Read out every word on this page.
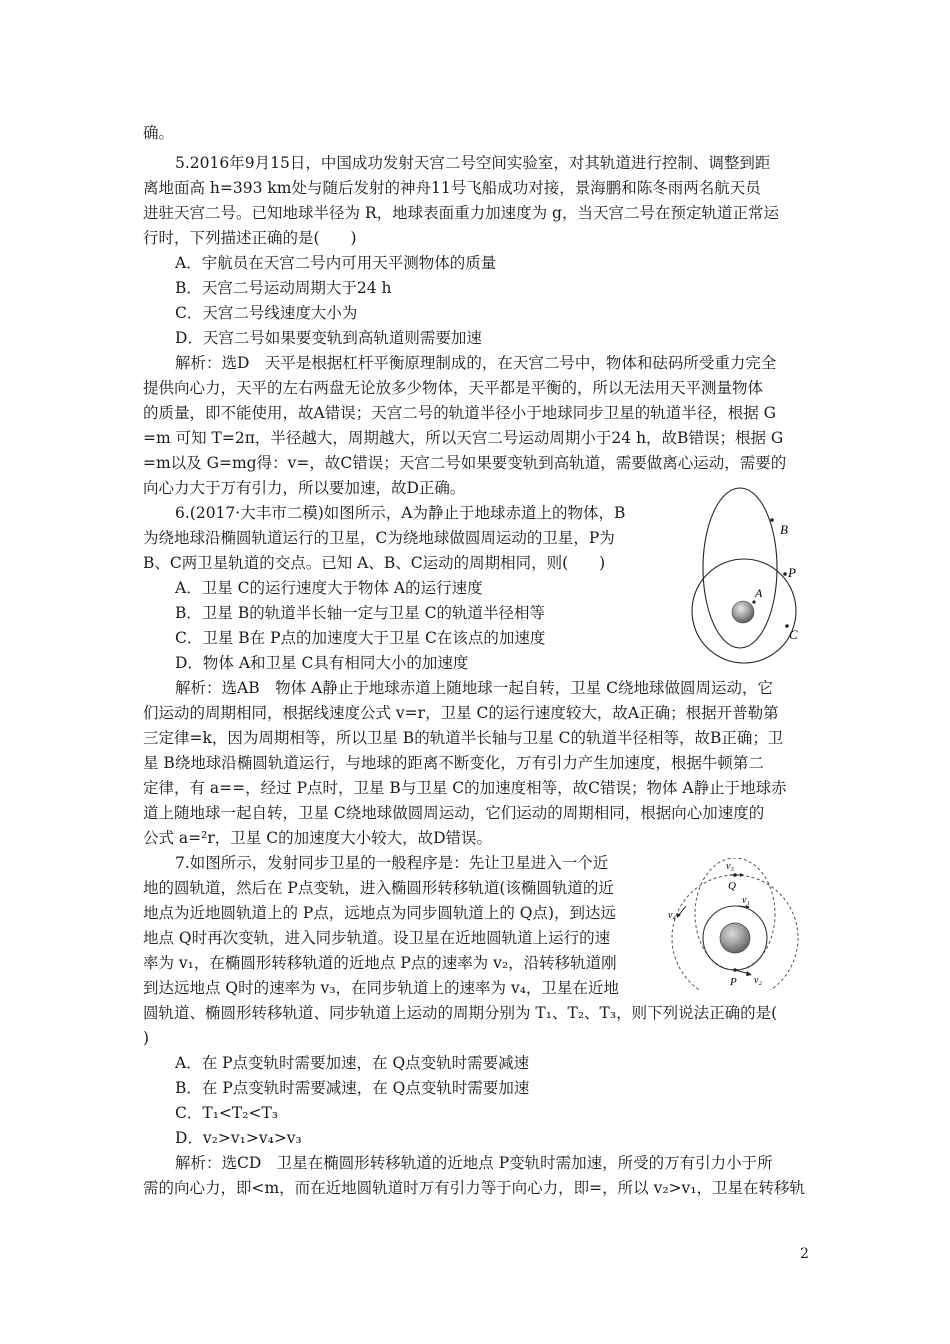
确。
5.2016年9月15日，中国成功发射天宫二号空间实验室，对其轨道进行控制、调整到距
离地面高 h=393 km处与随后发射的神舟11号飞船成功对接，景海鹏和陈冬雨两名航天员
进驻天宫二号。已知地球半径为 R，地球表面重力加速度为 g，当天宫二号在预定轨道正常运
行时，下列描述正确的是(　　)
A．宇航员在天宫二号内可用天平测物体的质量
B．天宫二号运动周期大于24 h
C．天宫二号线速度大小为
D．天宫二号如果要变轨到高轨道则需要加速
解析：选D　天平是根据杠杆平衡原理制成的，在天宫二号中，物体和砝码所受重力完全
提供向心力，天平的左右两盘无论放多少物体，天平都是平衡的，所以无法用天平测量物体
的质量，即不能使用，故A错误；天宫二号的轨道半径小于地球同步卫星的轨道半径，根据 G
=m 可知 T=2π，半径越大，周期越大，所以天宫二号运动周期小于24 h，故B错误；根据 G
=m以及 G=mg得：v=，故C错误；天宫二号如果要变轨到高轨道，需要做离心运动，需要的
向心力大于万有引力，所以要加速，故D正确。
6.(2017·大丰市二模)如图所示，A为静止于地球赤道上的物体，B
为绕地球沿椭圆轨道运行的卫星，C为绕地球做圆周运动的卫星，P为
B、C两卫星轨道的交点。已知 A、B、C运动的周期相同，则(　　)
A．卫星 C的运行速度大于物体 A的运行速度
B．卫星 B的轨道半长轴一定与卫星 C的轨道半径相等
C．卫星 B在 P点的加速度大于卫星 C在该点的加速度
D．物体 A和卫星 C具有相同大小的加速度
解析：选AB　物体 A静止于地球赤道上随地球一起自转，卫星 C绕地球做圆周运动，它
们运动的周期相同，根据线速度公式 v=r，卫星 C的运行速度较大，故A正确；根据开普勒第
三定律=k，因为周期相等，所以卫星 B的轨道半长轴与卫星 C的轨道半径相等，故B正确；卫
星 B绕地球沿椭圆轨道运行，与地球的距离不断变化，万有引力产生加速度，根据牛顿第二
定律，有 a==，经过 P点时，卫星 B与卫星 C的加速度相等，故C错误；物体 A静止于地球赤
道上随地球一起自转，卫星 C绕地球做圆周运动，它们运动的周期相同，根据向心加速度的
公式 a=²r，卫星 C的加速度大小较大，故D错误。
7.如图所示，发射同步卫星的一般程序是：先让卫星进入一个近
地的圆轨道，然后在 P点变轨，进入椭圆形转移轨道(该椭圆轨道的近
地点为近地圆轨道上的 P点，远地点为同步圆轨道上的 Q点)，到达远
地点 Q时再次变轨，进入同步轨道。设卫星在近地圆轨道上运行的速
率为 v₁，在椭圆形转移轨道的近地点 P点的速率为 v₂，沿转移轨道刚
到达远地点 Q时的速率为 v₃，在同步轨道上的速率为 v₄，卫星在近地
圆轨道、椭圆形转移轨道、同步轨道上运动的周期分别为 T₁、T₂、T₃，则下列说法正确的是(
)
A．在 P点变轨时需要加速，在 Q点变轨时需要减速
B．在 P点变轨时需要减速，在 Q点变轨时需要加速
C．T₁<T₂<T₃
D．v₂>v₁>v₄>v₃
解析：选CD　卫星在椭圆形转移轨道的近地点 P变轨时需加速，所受的万有引力小于所
需的向心力，即<m，而在近地圆轨道时万有引力等于向心力，即=，所以 v₂>v₁，卫星在转移轨
B
P
A
C
v₃
Q
v₁
v₄
P v₂
2
